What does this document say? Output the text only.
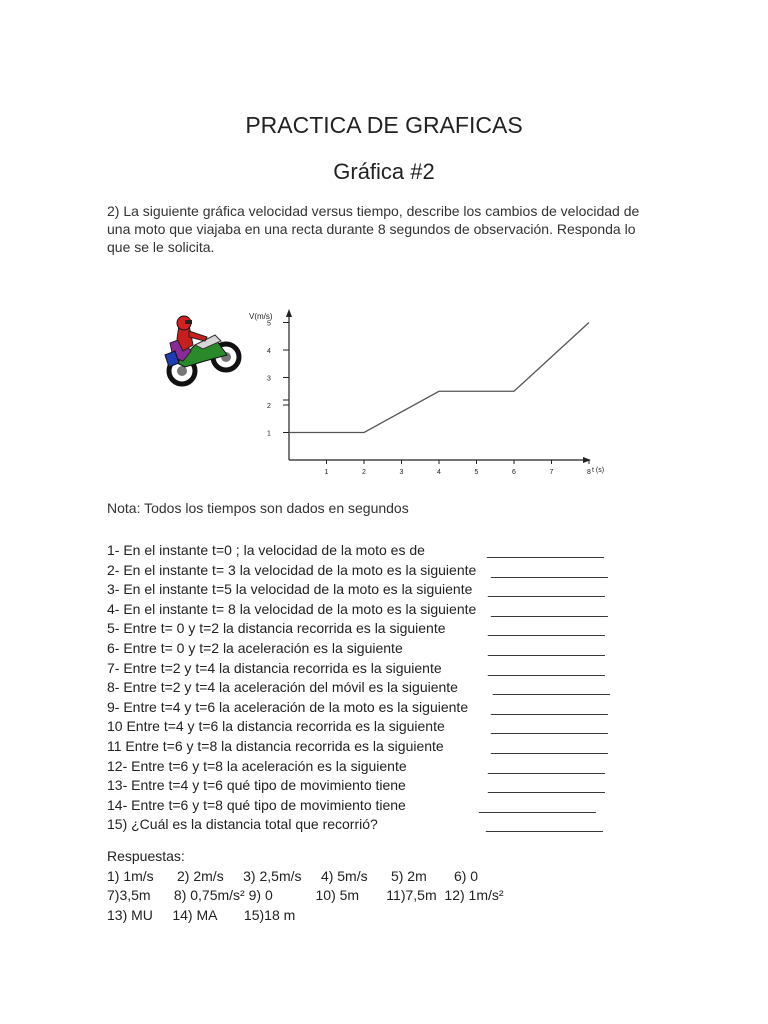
PRACTICA DE GRAFICAS
Gráfica #2
2) La siguiente gráfica velocidad versus tiempo, describe los cambios de velocidad de una moto que viajaba en una recta durante 8 segundos de observación. Responda lo que se le solicita.
V(m/s)
t (s)
1	2	3	4	5	6	7	8
1
2
3
4
5
Nota: Todos los tiempos son dados en segundos
1- En el instante t=0 ; la velocidad de la moto es de	_______________
2- En el instante t= 3 la velocidad de la moto es la siguiente _______________
3- En el instante t=5 la velocidad de la moto es la siguiente _______________
4- En el instante t= 8 la velocidad de la moto es la siguiente _______________
5- Entre t= 0 y t=2 la distancia recorrida es la siguiente	_______________
6- Entre t= 0 y t=2 la aceleración es la siguiente	_______________
7- Entre t=2 y t=4 la distancia recorrida es la siguiente	_______________
8- Entre t=2 y t=4 la aceleración del móvil es la siguiente	_______________
9- Entre t=4 y t=6 la aceleración de la moto es la siguiente _______________
10 Entre t=4 y t=6 la distancia recorrida es la siguiente	_______________
11 Entre t=6 y t=8 la distancia recorrida es la siguiente	_______________
12- Entre t=6 y t=8 la aceleración es la siguiente	_______________
13- Entre t=4 y t=6 qué tipo de movimiento tiene	_______________
14- Entre t=6 y t=8 qué tipo de movimiento tiene	_______________
15) ¿Cuál es la distancia total que recorrió?	_______________
Respuestas:
1) 1m/s      2) 2m/s     3) 2,5m/s     4) 5m/s      5) 2m       6) 0
7)3,5m      8) 0,75m/s² 9) 0           10) 5m       11)7,5m  12) 1m/s²
13) MU     14) MA       15)18 m
